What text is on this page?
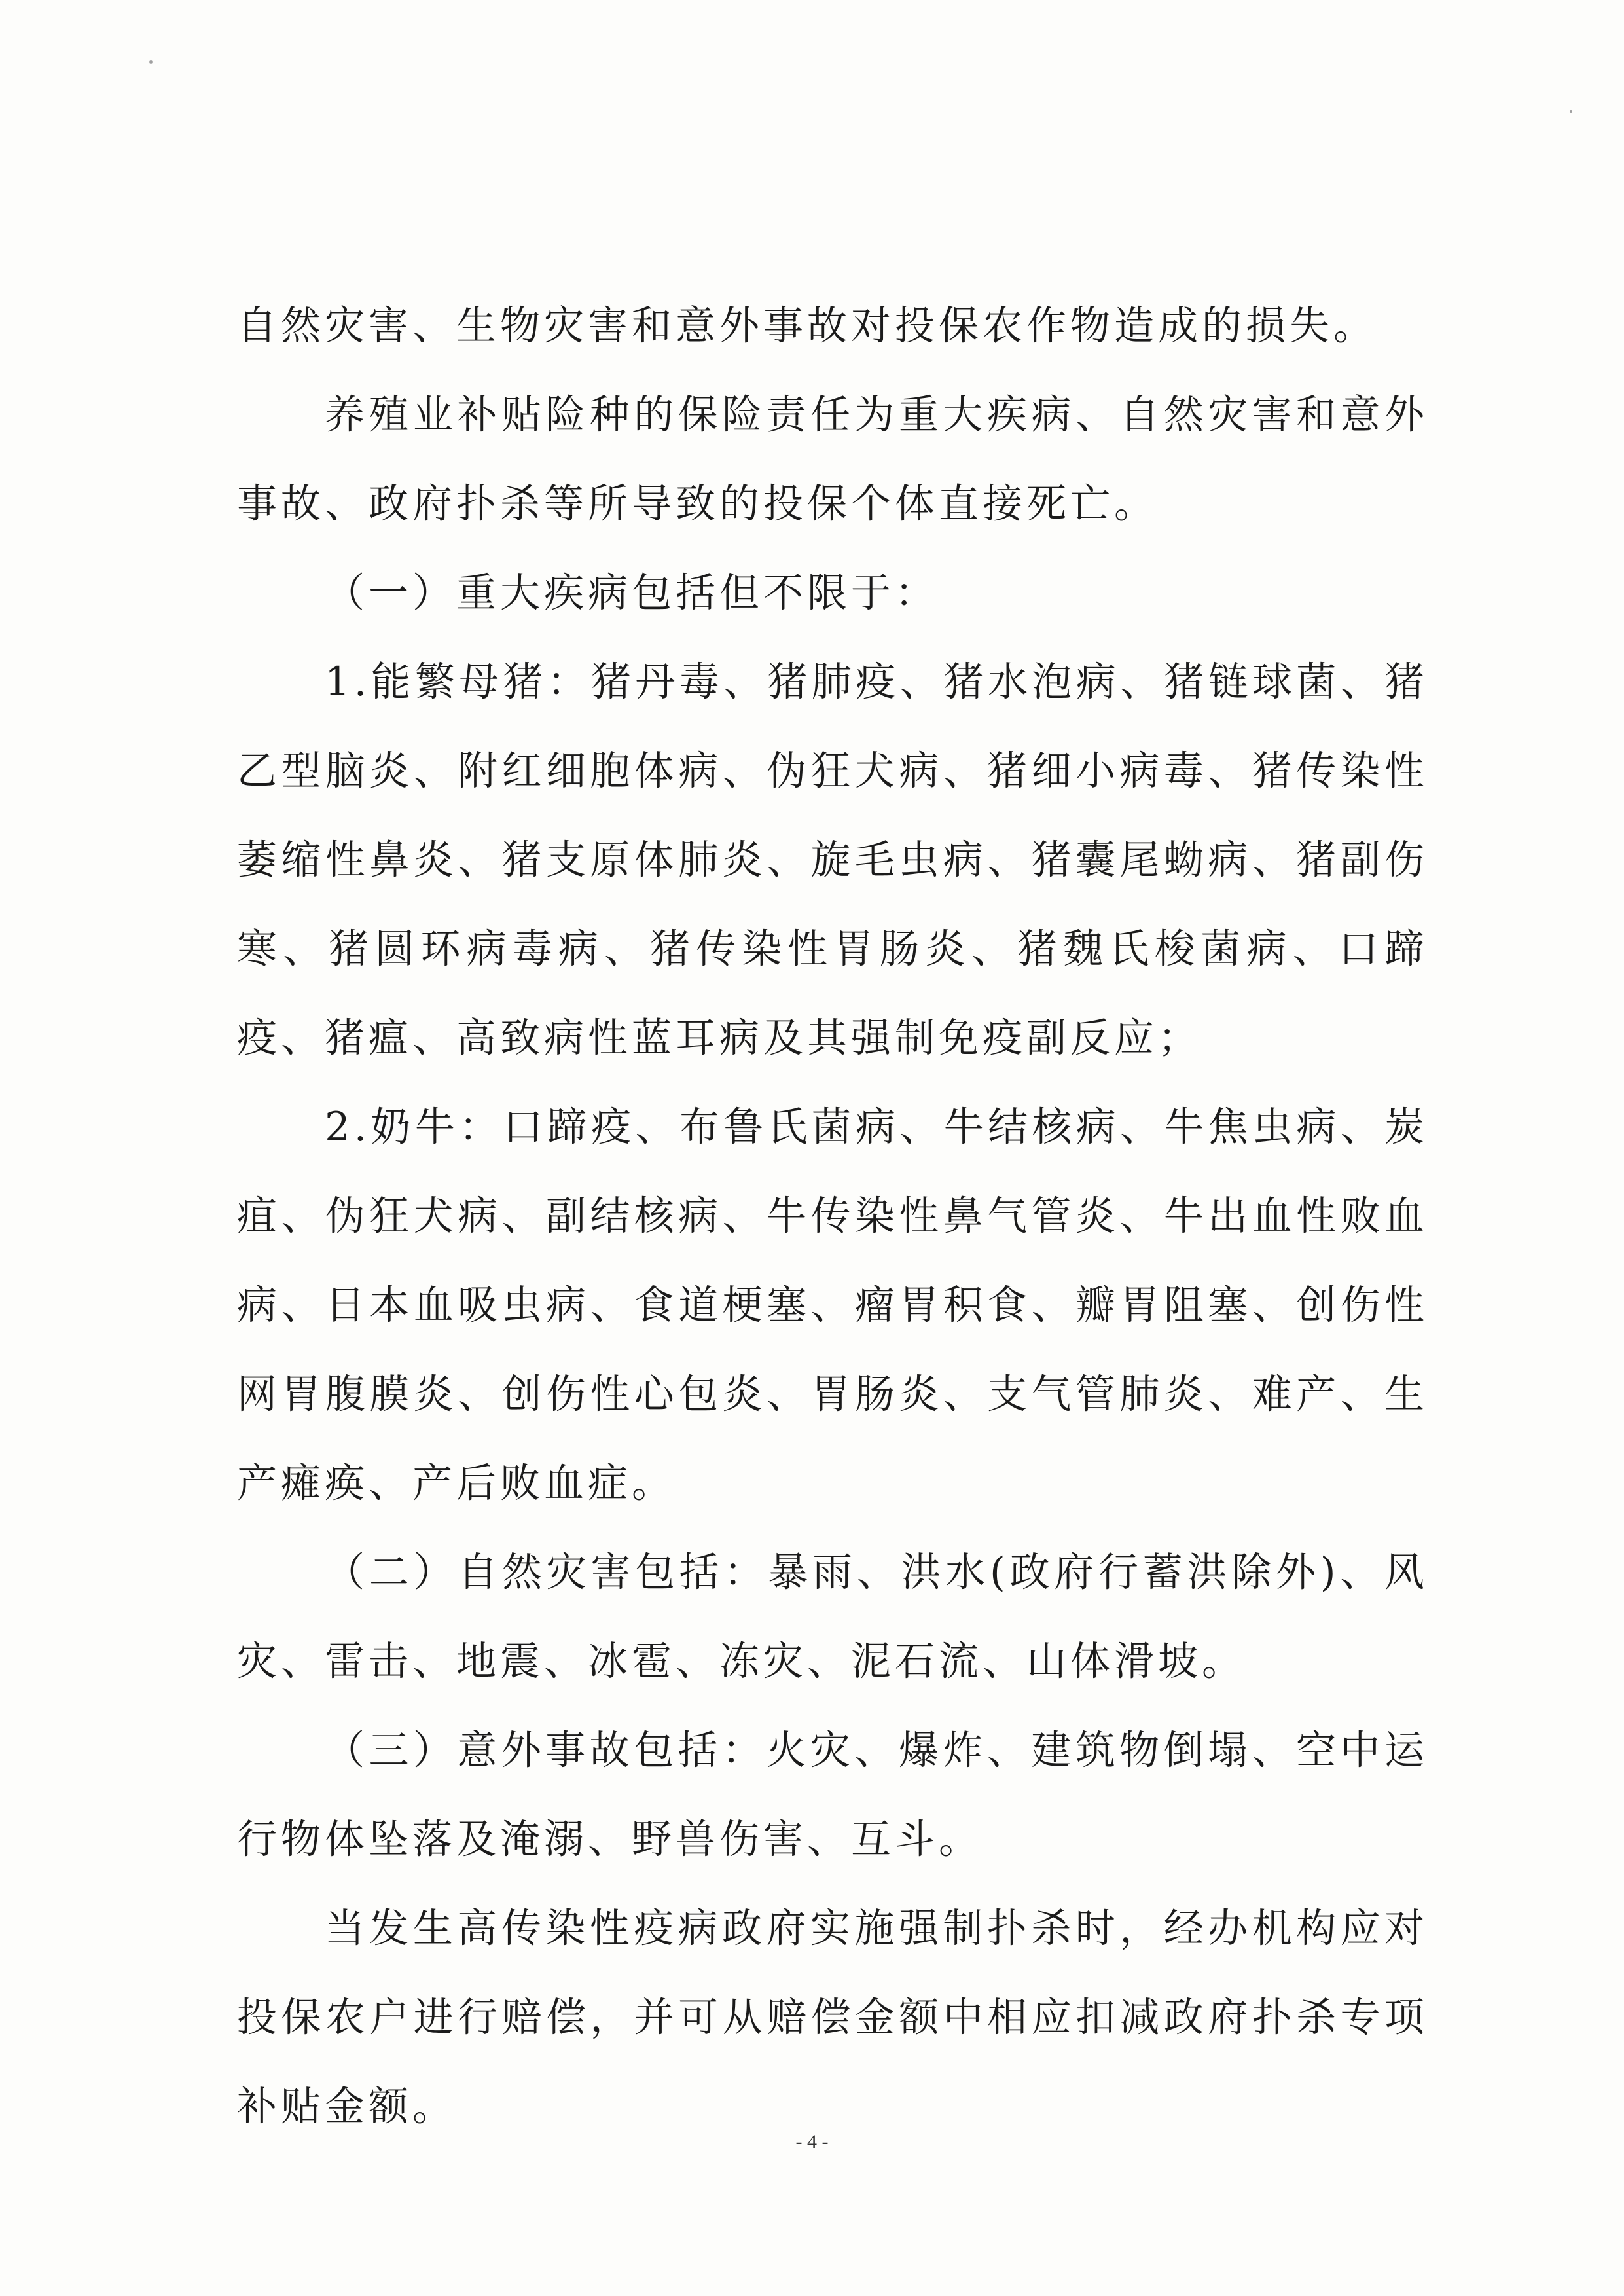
自然灾害、生物灾害和意外事故对投保农作物造成的损失。

养殖业补贴险种的保险责任为重大疾病、自然灾害和意外事故、政府扑杀等所导致的投保个体直接死亡。

（一）重大疾病包括但不限于：

1.能繁母猪：猪丹毒、猪肺疫、猪水泡病、猪链球菌、猪乙型脑炎、附红细胞体病、伪狂犬病、猪细小病毒、猪传染性萎缩性鼻炎、猪支原体肺炎、旋毛虫病、猪囊尾蚴病、猪副伤寒、猪圆环病毒病、猪传染性胃肠炎、猪魏氏梭菌病、口蹄疫、猪瘟、高致病性蓝耳病及其强制免疫副反应；

2.奶牛：口蹄疫、布鲁氏菌病、牛结核病、牛焦虫病、炭疽、伪狂犬病、副结核病、牛传染性鼻气管炎、牛出血性败血病、日本血吸虫病、食道梗塞、瘤胃积食、瓣胃阻塞、创伤性网胃腹膜炎、创伤性心包炎、胃肠炎、支气管肺炎、难产、生产瘫痪、产后败血症。

（二）自然灾害包括：暴雨、洪水(政府行蓄洪除外)、风灾、雷击、地震、冰雹、冻灾、泥石流、山体滑坡。

（三）意外事故包括：火灾、爆炸、建筑物倒塌、空中运行物体坠落及淹溺、野兽伤害、互斗。

当发生高传染性疫病政府实施强制扑杀时，经办机构应对投保农户进行赔偿，并可从赔偿金额中相应扣减政府扑杀专项补贴金额。

- 4 -
